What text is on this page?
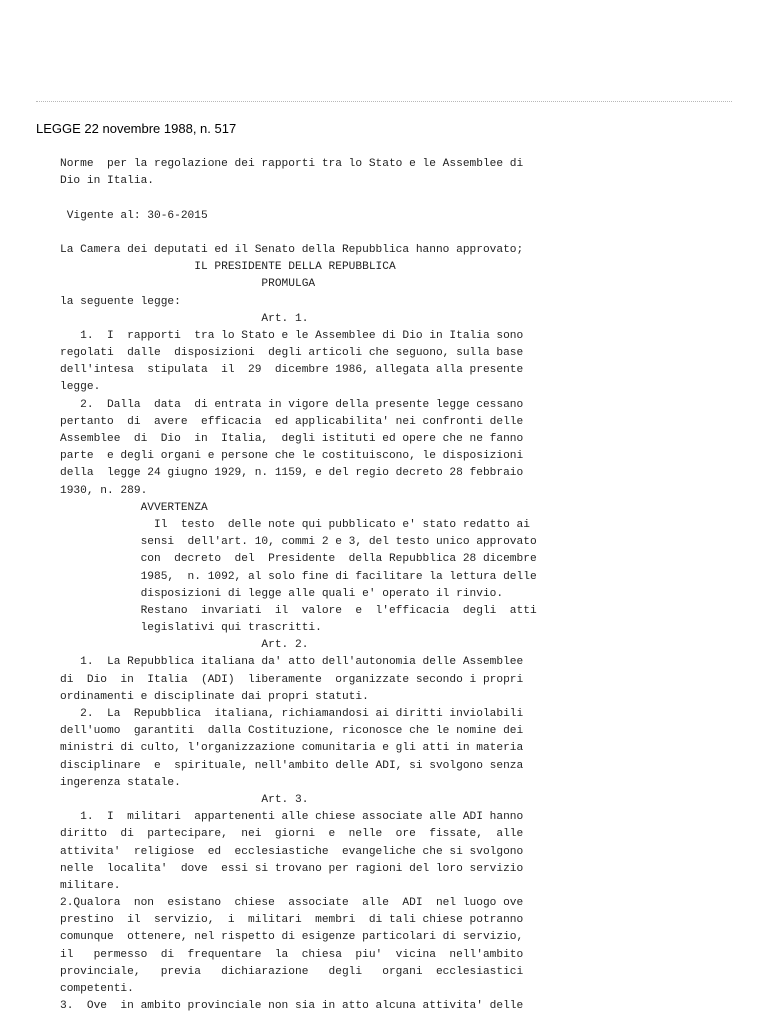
LEGGE 22 novembre 1988, n. 517
Norme  per la regolazione dei rapporti tra lo Stato e le Assemblee di
Dio in Italia.
Vigente al: 30-6-2015
La Camera dei deputati ed il Senato della Repubblica hanno approvato;
IL PRESIDENTE DELLA REPUBBLICA
PROMULGA
la seguente legge:
Art. 1.
1.  I  rapporti  tra lo Stato e le Assemblee di Dio in Italia sono
regolati  dalle  disposizioni  degli articoli che seguono, sulla base
dell'intesa  stipulata  il  29  dicembre 1986, allegata alla presente
legge.
2.  Dalla  data  di entrata in vigore della presente legge cessano
pertanto  di  avere  efficacia  ed applicabilita' nei confronti delle
Assemblee  di  Dio  in  Italia,  degli istituti ed opere che ne fanno
parte  e degli organi e persone che le costituiscono, le disposizioni
della  legge 24 giugno 1929, n. 1159, e del regio decreto 28 febbraio
1930, n. 289.
AVVERTENZA
Il  testo  delle note qui pubblicato e' stato redatto ai
sensi  dell'art. 10, commi 2 e 3, del testo unico approvato
con  decreto  del  Presidente  della Repubblica 28 dicembre
1985,  n. 1092, al solo fine di facilitare la lettura delle
disposizioni di legge alle quali e' operato il rinvio.
Restano  invariati  il  valore  e  l'efficacia  degli  atti
legislativi qui trascritti.
Art. 2.
1.  La Repubblica italiana da' atto dell'autonomia delle Assemblee
di  Dio  in  Italia  (ADI)  liberamente  organizzate secondo i propri
ordinamenti e disciplinate dai propri statuti.
2.  La  Repubblica  italiana, richiamandosi ai diritti inviolabili
dell'uomo  garantiti  dalla Costituzione, riconosce che le nomine dei
ministri di culto, l'organizzazione comunitaria e gli atti in materia
disciplinare  e  spirituale, nell'ambito delle ADI, si svolgono senza
ingerenza statale.
Art. 3.
1.  I  militari  appartenenti alle chiese associate alle ADI hanno
diritto  di  partecipare,  nei  giorni  e  nelle  ore  fissate,  alle
attivita'  religiose  ed  ecclesiastiche  evangeliche che si svolgono
nelle  localita'  dove  essi si trovano per ragioni del loro servizio
militare.
2.Qualora  non  esistano  chiese  associate  alle  ADI  nel luogo ove
prestino  il  servizio,  i  militari  membri  di tali chiese potranno
comunque  ottenere, nel rispetto di esigenze particolari di servizio,
il   permesso  di  frequentare  la  chiesa  piu'  vicina  nell'ambito
provinciale,   previa   dichiarazione   degli   organi  ecclesiastici
competenti.
3.  Ove  in ambito provinciale non sia in atto alcuna attivita' delle
